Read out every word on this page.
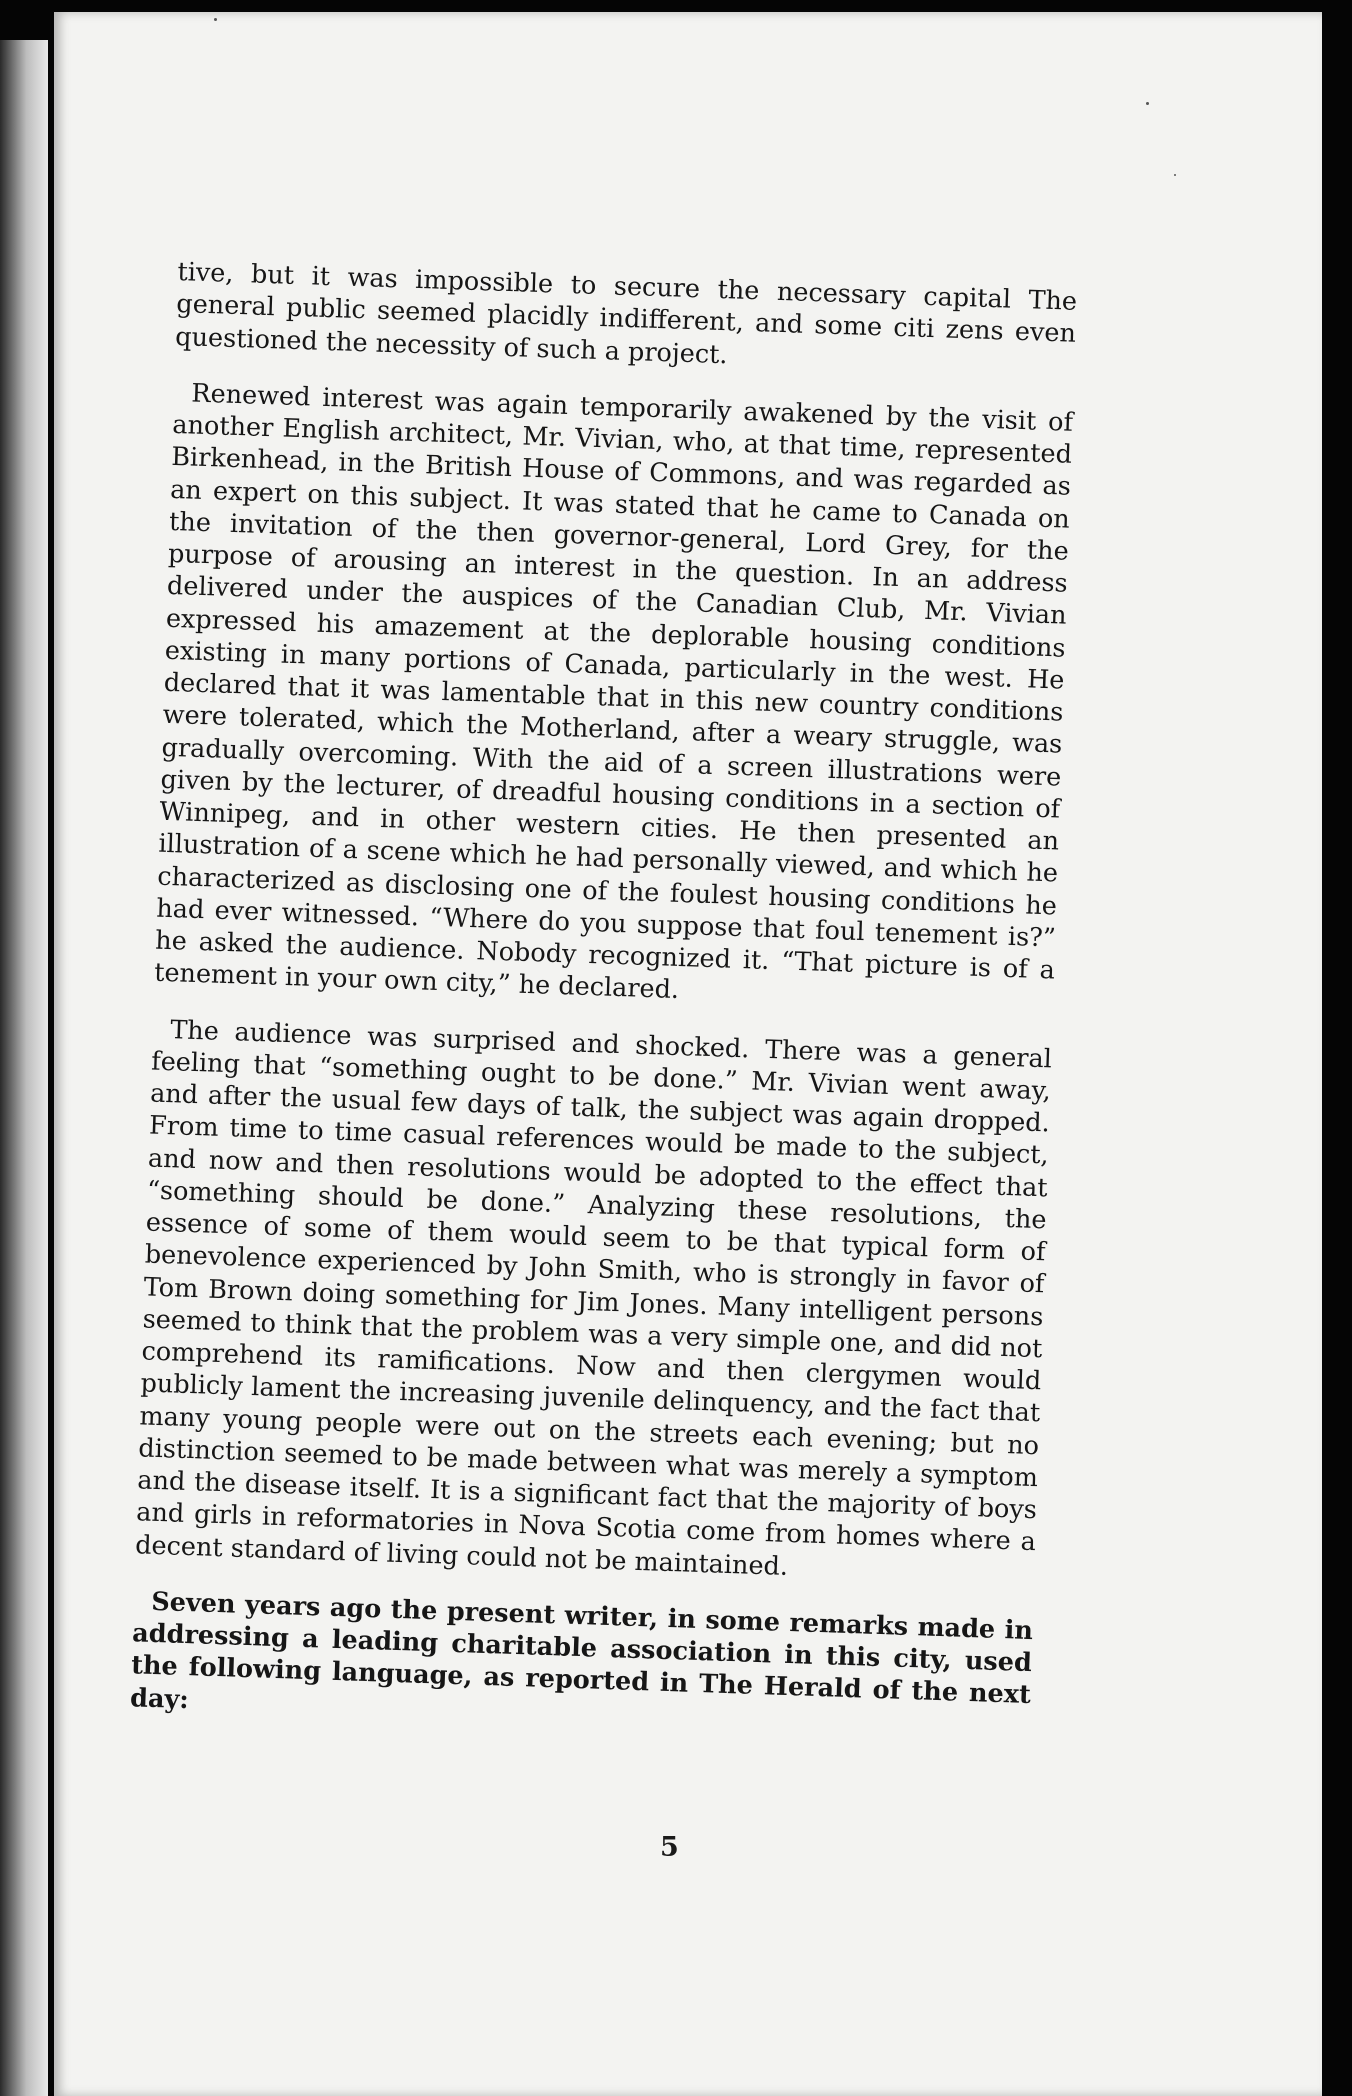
tive, but it was impossible to secure the necessary capital The general public seemed placidly indifferent, and some citi zens even questioned the necessity of such a project.

Renewed interest was again temporarily awakened by the visit of another English architect, Mr. Vivian, who, at that time, represented Birkenhead, in the British House of Commons, and was regarded as an expert on this subject. It was stated that he came to Canada on the invitation of the then governor-general, Lord Grey, for the purpose of arousing an interest in the question. In an address delivered under the auspices of the Canadian Club, Mr. Vivian expressed his amazement at the deplorable housing conditions existing in many portions of Canada, particularly in the west. He declared that it was lamentable that in this new country conditions were tolerated, which the Motherland, after a weary struggle, was gradually overcoming. With the aid of a screen illustrations were given by the lecturer, of dreadful housing conditions in a section of Winnipeg, and in other western cities. He then presented an illustration of a scene which he had personally viewed, and which he characterized as disclosing one of the foulest housing conditions he had ever witnessed. “Where do you suppose that foul tenement is?” he asked the audience. Nobody recognized it. “That picture is of a tenement in your own city,” he declared.

The audience was surprised and shocked. There was a general feeling that “something ought to be done.” Mr. Vivian went away, and after the usual few days of talk, the subject was again dropped. From time to time casual references would be made to the subject, and now and then resolutions would be adopted to the effect that “something should be done.” Analyzing these resolutions, the essence of some of them would seem to be that typical form of benevolence experienced by John Smith, who is strongly in favor of Tom Brown doing something for Jim Jones. Many intelligent persons seemed to think that the problem was a very simple one, and did not comprehend its ramifications. Now and then clergymen would publicly lament the increasing juvenile delinquency, and the fact that many young people were out on the streets each evening; but no distinction seemed to be made between what was merely a symptom and the disease itself. It is a significant fact that the majority of boys and girls in reformatories in Nova Scotia come from homes where a decent standard of living could not be maintained.

Seven years ago the present writer, in some remarks made in addressing a leading charitable association in this city, used the following language, as reported in The Herald of the next day:

5
